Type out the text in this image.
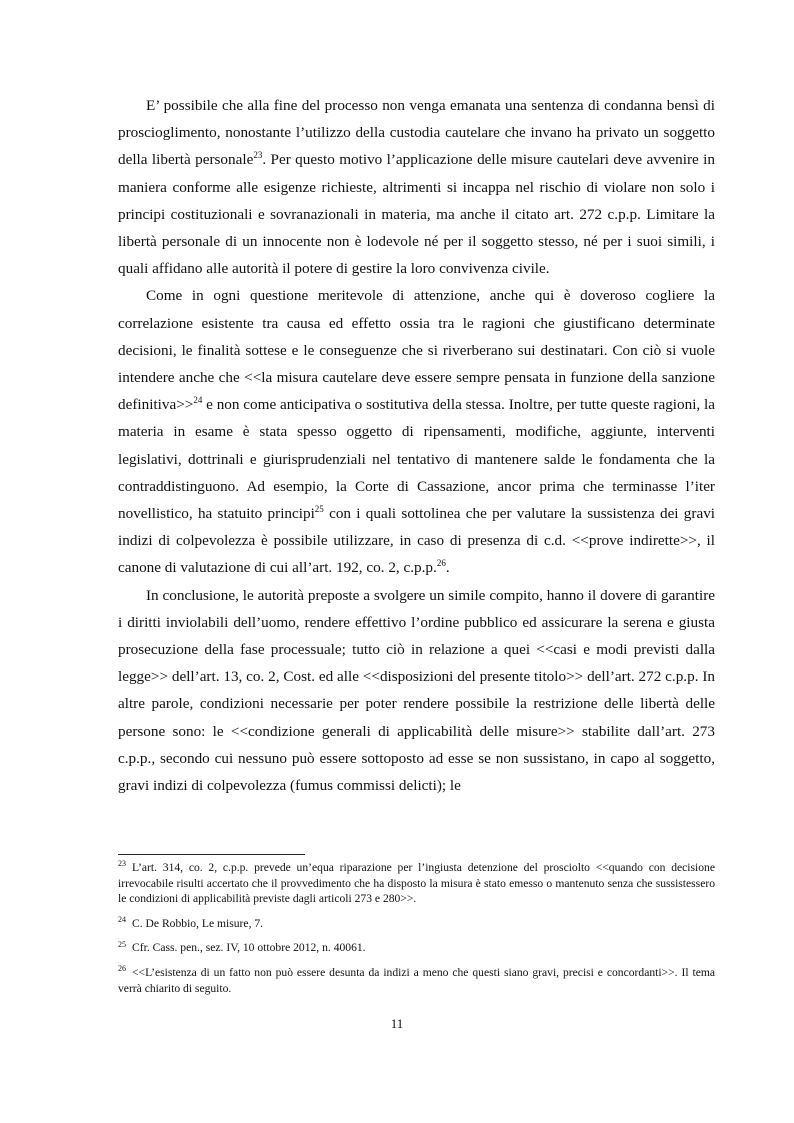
E’ possibile che alla fine del processo non venga emanata una sentenza di condanna bensì di proscioglimento, nonostante l’utilizzo della custodia cautelare che invano ha privato un soggetto della libertà personale$^{23}$. Per questo motivo l’applicazione delle misure cautelari deve avvenire in maniera conforme alle esigenze richieste, altrimenti si incappa nel rischio di violare non solo i principi costituzionali e sovranazionali in materia, ma anche il citato art. 272 c.p.p. Limitare la libertà personale di un innocente non è lodevole né per il soggetto stesso, né per i suoi simili, i quali affidano alle autorità il potere di gestire la loro convivenza civile.

Come in ogni questione meritevole di attenzione, anche qui è doveroso cogliere la correlazione esistente tra causa ed effetto ossia tra le ragioni che giustificano determinate decisioni, le finalità sottese e le conseguenze che si riverberano sui destinatari. Con ciò si vuole intendere anche che <<la misura cautelare deve essere sempre pensata in funzione della sanzione definitiva>>$^{24}$ e non come anticipativa o sostitutiva della stessa. Inoltre, per tutte queste ragioni, la materia in esame è stata spesso oggetto di ripensamenti, modifiche, aggiunte, interventi legislativi, dottrinali e giurisprudenziali nel tentativo di mantenere salde le fondamenta che la contraddistinguono. Ad esempio, la Corte di Cassazione, ancor prima che terminasse l’iter novellistico, ha statuito principi$^{25}$ con i quali sottolinea che per valutare la sussistenza dei gravi indizi di colpevolezza è possibile utilizzare, in caso di presenza di c.d. <<prove indirette>>, il canone di valutazione di cui all’art. 192, co. 2, c.p.p.$^{26}$.

In conclusione, le autorità preposte a svolgere un simile compito, hanno il dovere di garantire i diritti inviolabili dell’uomo, rendere effettivo l’ordine pubblico ed assicurare la serena e giusta prosecuzione della fase processuale; tutto ciò in relazione a quei <<casi e modi previsti dalla legge>> dell’art. 13, co. 2, Cost. ed alle <<disposizioni del presente titolo>> dell’art. 272 c.p.p. In altre parole, condizioni necessarie per poter rendere possibile la restrizione delle libertà delle persone sono: le <<condizione generali di applicabilità delle misure>> stabilite dall’art. 273 c.p.p., secondo cui nessuno può essere sottoposto ad esse se non sussistano, in capo al soggetto, gravi indizi di colpevolezza (fumus commissi delicti); le

$^{23}$ L’art. 314, co. 2, c.p.p. prevede un’equa riparazione per l’ingiusta detenzione del prosciolto <<quando con decisione irrevocabile risulti accertato che il provvedimento che ha disposto la misura è stato emesso o mantenuto senza che sussistessero le condizioni di applicabilità previste dagli articoli 273 e 280>>.

$^{24}$ C. De Robbio, Le misure, 7.

$^{25}$ Cfr. Cass. pen., sez. IV, 10 ottobre 2012, n. 40061.

$^{26}$ <<L’esistenza di un fatto non può essere desunta da indizi a meno che questi siano gravi, precisi e concordanti>>. Il tema verrà chiarito di seguito.

11
